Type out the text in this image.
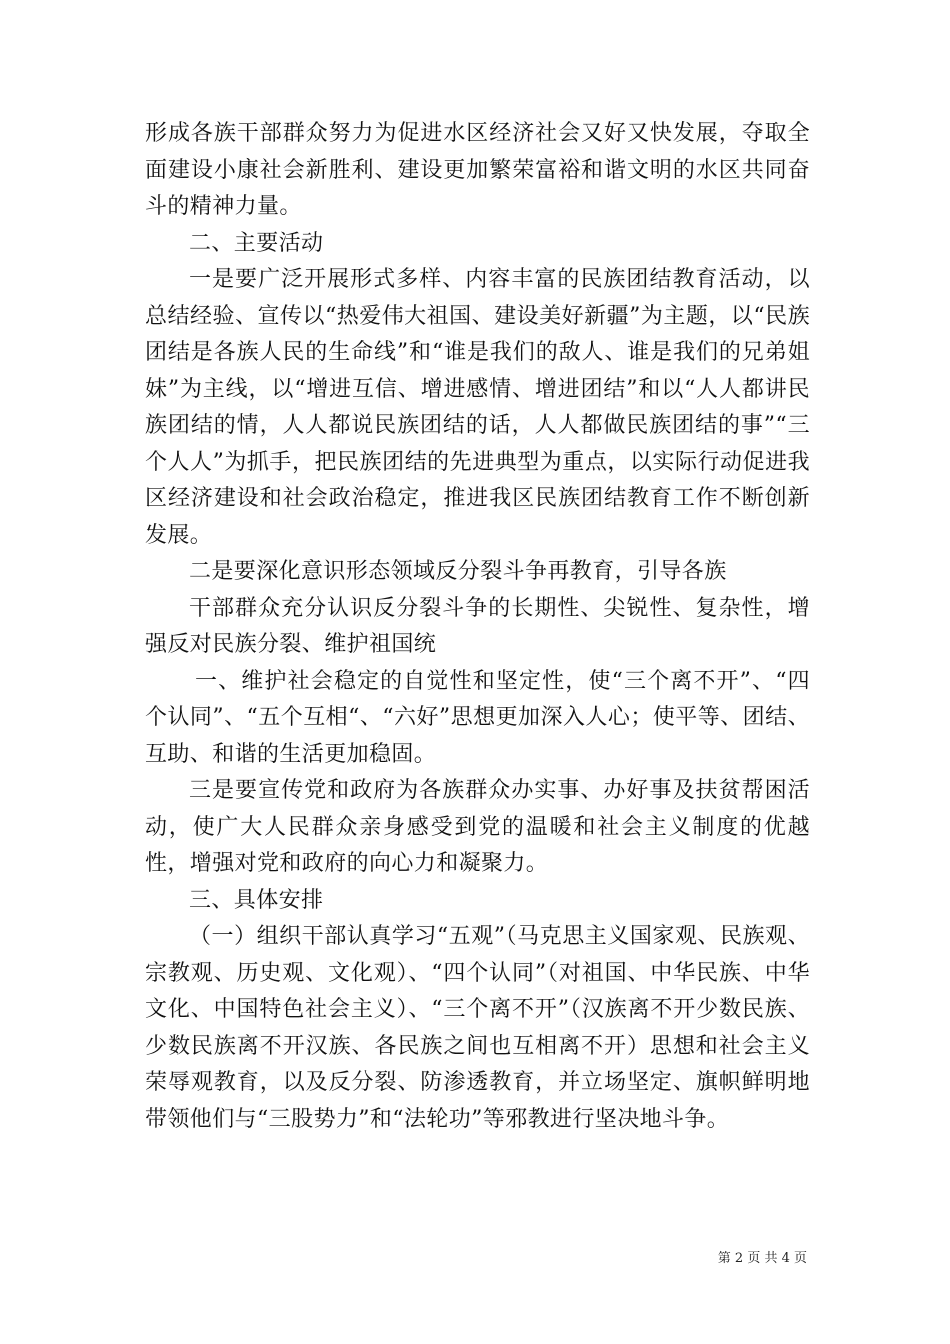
形成各族干部群众努力为促进水区经济社会又好又快发展，夺取全面建设小康社会新胜利、建设更加繁荣富裕和谐文明的水区共同奋斗的精神力量。

二、主要活动

一是要广泛开展形式多样、内容丰富的民族团结教育活动，以总结经验、宣传以“热爱伟大祖国、建设美好新疆”为主题，以“民族团结是各族人民的生命线”和“谁是我们的敌人、谁是我们的兄弟姐妹”为主线，以“增进互信、增进感情、增进团结”和以“人人都讲民族团结的情，人人都说民族团结的话，人人都做民族团结的事”“三个人人”为抓手，把民族团结的先进典型为重点，以实际行动促进我区经济建设和社会政治稳定，推进我区民族团结教育工作不断创新发展。

二是要深化意识形态领域反分裂斗争再教育，引导各族

干部群众充分认识反分裂斗争的长期性、尖锐性、复杂性，增强反对民族分裂、维护祖国统

一、维护社会稳定的自觉性和坚定性，使“三个离不开”、“四个认同”、“五个互相“、“六好”思想更加深入人心；使平等、团结、互助、和谐的生活更加稳固。

三是要宣传党和政府为各族群众办实事、办好事及扶贫帮困活动，使广大人民群众亲身感受到党的温暖和社会主义制度的优越性，增强对党和政府的向心力和凝聚力。

三、具体安排

（一）组织干部认真学习“五观”（马克思主义国家观、民族观、宗教观、历史观、文化观）、“四个认同”（对祖国、中华民族、中华文化、中国特色社会主义）、“三个离不开”（汉族离不开少数民族、少数民族离不开汉族、各民族之间也互相离不开）思想和社会主义荣辱观教育，以及反分裂、防渗透教育，并立场坚定、旗帜鲜明地带领他们与“三股势力”和“法轮功”等邪教进行坚决地斗争。

第 2 页 共 4 页
